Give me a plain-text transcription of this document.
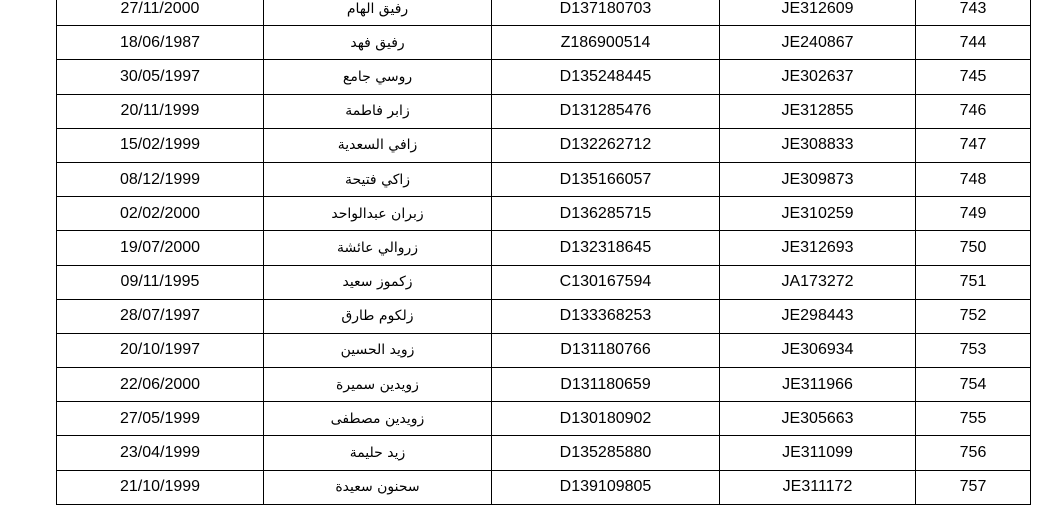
27/11/2000	رفيق الهام	D137180703	JE312609	743
18/06/1987	رفيق فهد	Z186900514	JE240867	744
30/05/1997	روسي جامع	D135248445	JE302637	745
20/11/1999	زابر فاطمة	D131285476	JE312855	746
15/02/1999	زافي السعدية	D132262712	JE308833	747
08/12/1999	زاكي فتيحة	D135166057	JE309873	748
02/02/2000	زبران عبدالواحد	D136285715	JE310259	749
19/07/2000	زروالي عائشة	D132318645	JE312693	750
09/11/1995	زكموز سعيد	C130167594	JA173272	751
28/07/1997	زلكوم طارق	D133368253	JE298443	752
20/10/1997	زويد الحسين	D131180766	JE306934	753
22/06/2000	زويدين سميرة	D131180659	JE311966	754
27/05/1999	زويدين مصطفى	D130180902	JE305663	755
23/04/1999	زيد حليمة	D135285880	JE311099	756
21/10/1999	سحنون سعيدة	D139109805	JE311172	757
